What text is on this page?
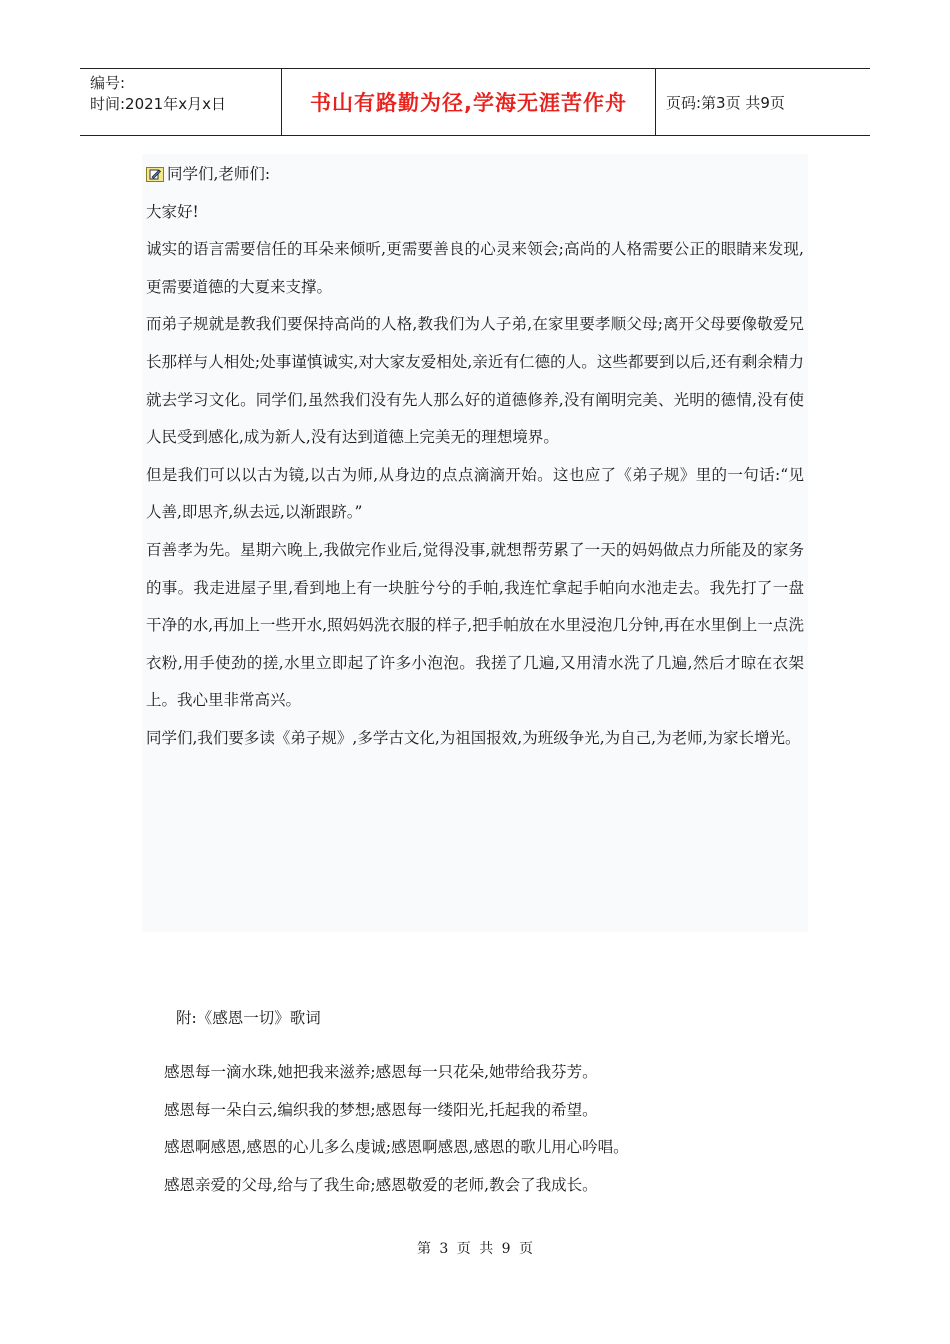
编号:
时间:2021年x月x日	书山有路勤为径,学海无涯苦作舟	页码:第3页 共9页

同学们,老师们:

大家好!

诚实的语言需要信任的耳朵来倾听,更需要善良的心灵来领会;高尚的人格需要公正的眼睛来发现,更需要道德的大夏来支撑。

而弟子规就是教我们要保持高尚的人格,教我们为人子弟,在家里要孝顺父母;离开父母要像敬爱兄长那样与人相处;处事谨慎诚实,对大家友爱相处,亲近有仁德的人。这些都要到以后,还有剩余精力就去学习文化。同学们,虽然我们没有先人那么好的道德修养,没有阐明完美、光明的德情,没有使人民受到感化,成为新人,没有达到道德上完美无的理想境界。

但是我们可以以古为镜,以古为师,从身边的点点滴滴开始。这也应了《弟子规》里的一句话:“见人善,即思齐,纵去远,以渐跟跻。”

百善孝为先。星期六晚上,我做完作业后,觉得没事,就想帮劳累了一天的妈妈做点力所能及的家务的事。我走进屋子里,看到地上有一块脏兮兮的手帕,我连忙拿起手帕向水池走去。我先打了一盘干净的水,再加上一些开水,照妈妈洗衣服的样子,把手帕放在水里浸泡几分钟,再在水里倒上一点洗衣粉,用手使劲的搓,水里立即起了许多小泡泡。我搓了几遍,又用清水洗了几遍,然后才晾在衣架上。我心里非常高兴。

同学们,我们要多读《弟子规》,多学古文化,为祖国报效,为班级争光,为自己,为老师,为家长增光。

附:《感恩一切》歌词

感恩每一滴水珠,她把我来滋养;感恩每一只花朵,她带给我芬芳。

感恩每一朵白云,编织我的梦想;感恩每一缕阳光,托起我的希望。

感恩啊感恩,感恩的心儿多么虔诚;感恩啊感恩,感恩的歌儿用心吟唱。

感恩亲爱的父母,给与了我生命;感恩敬爱的老师,教会了我成长。

第 3 页 共 9 页
